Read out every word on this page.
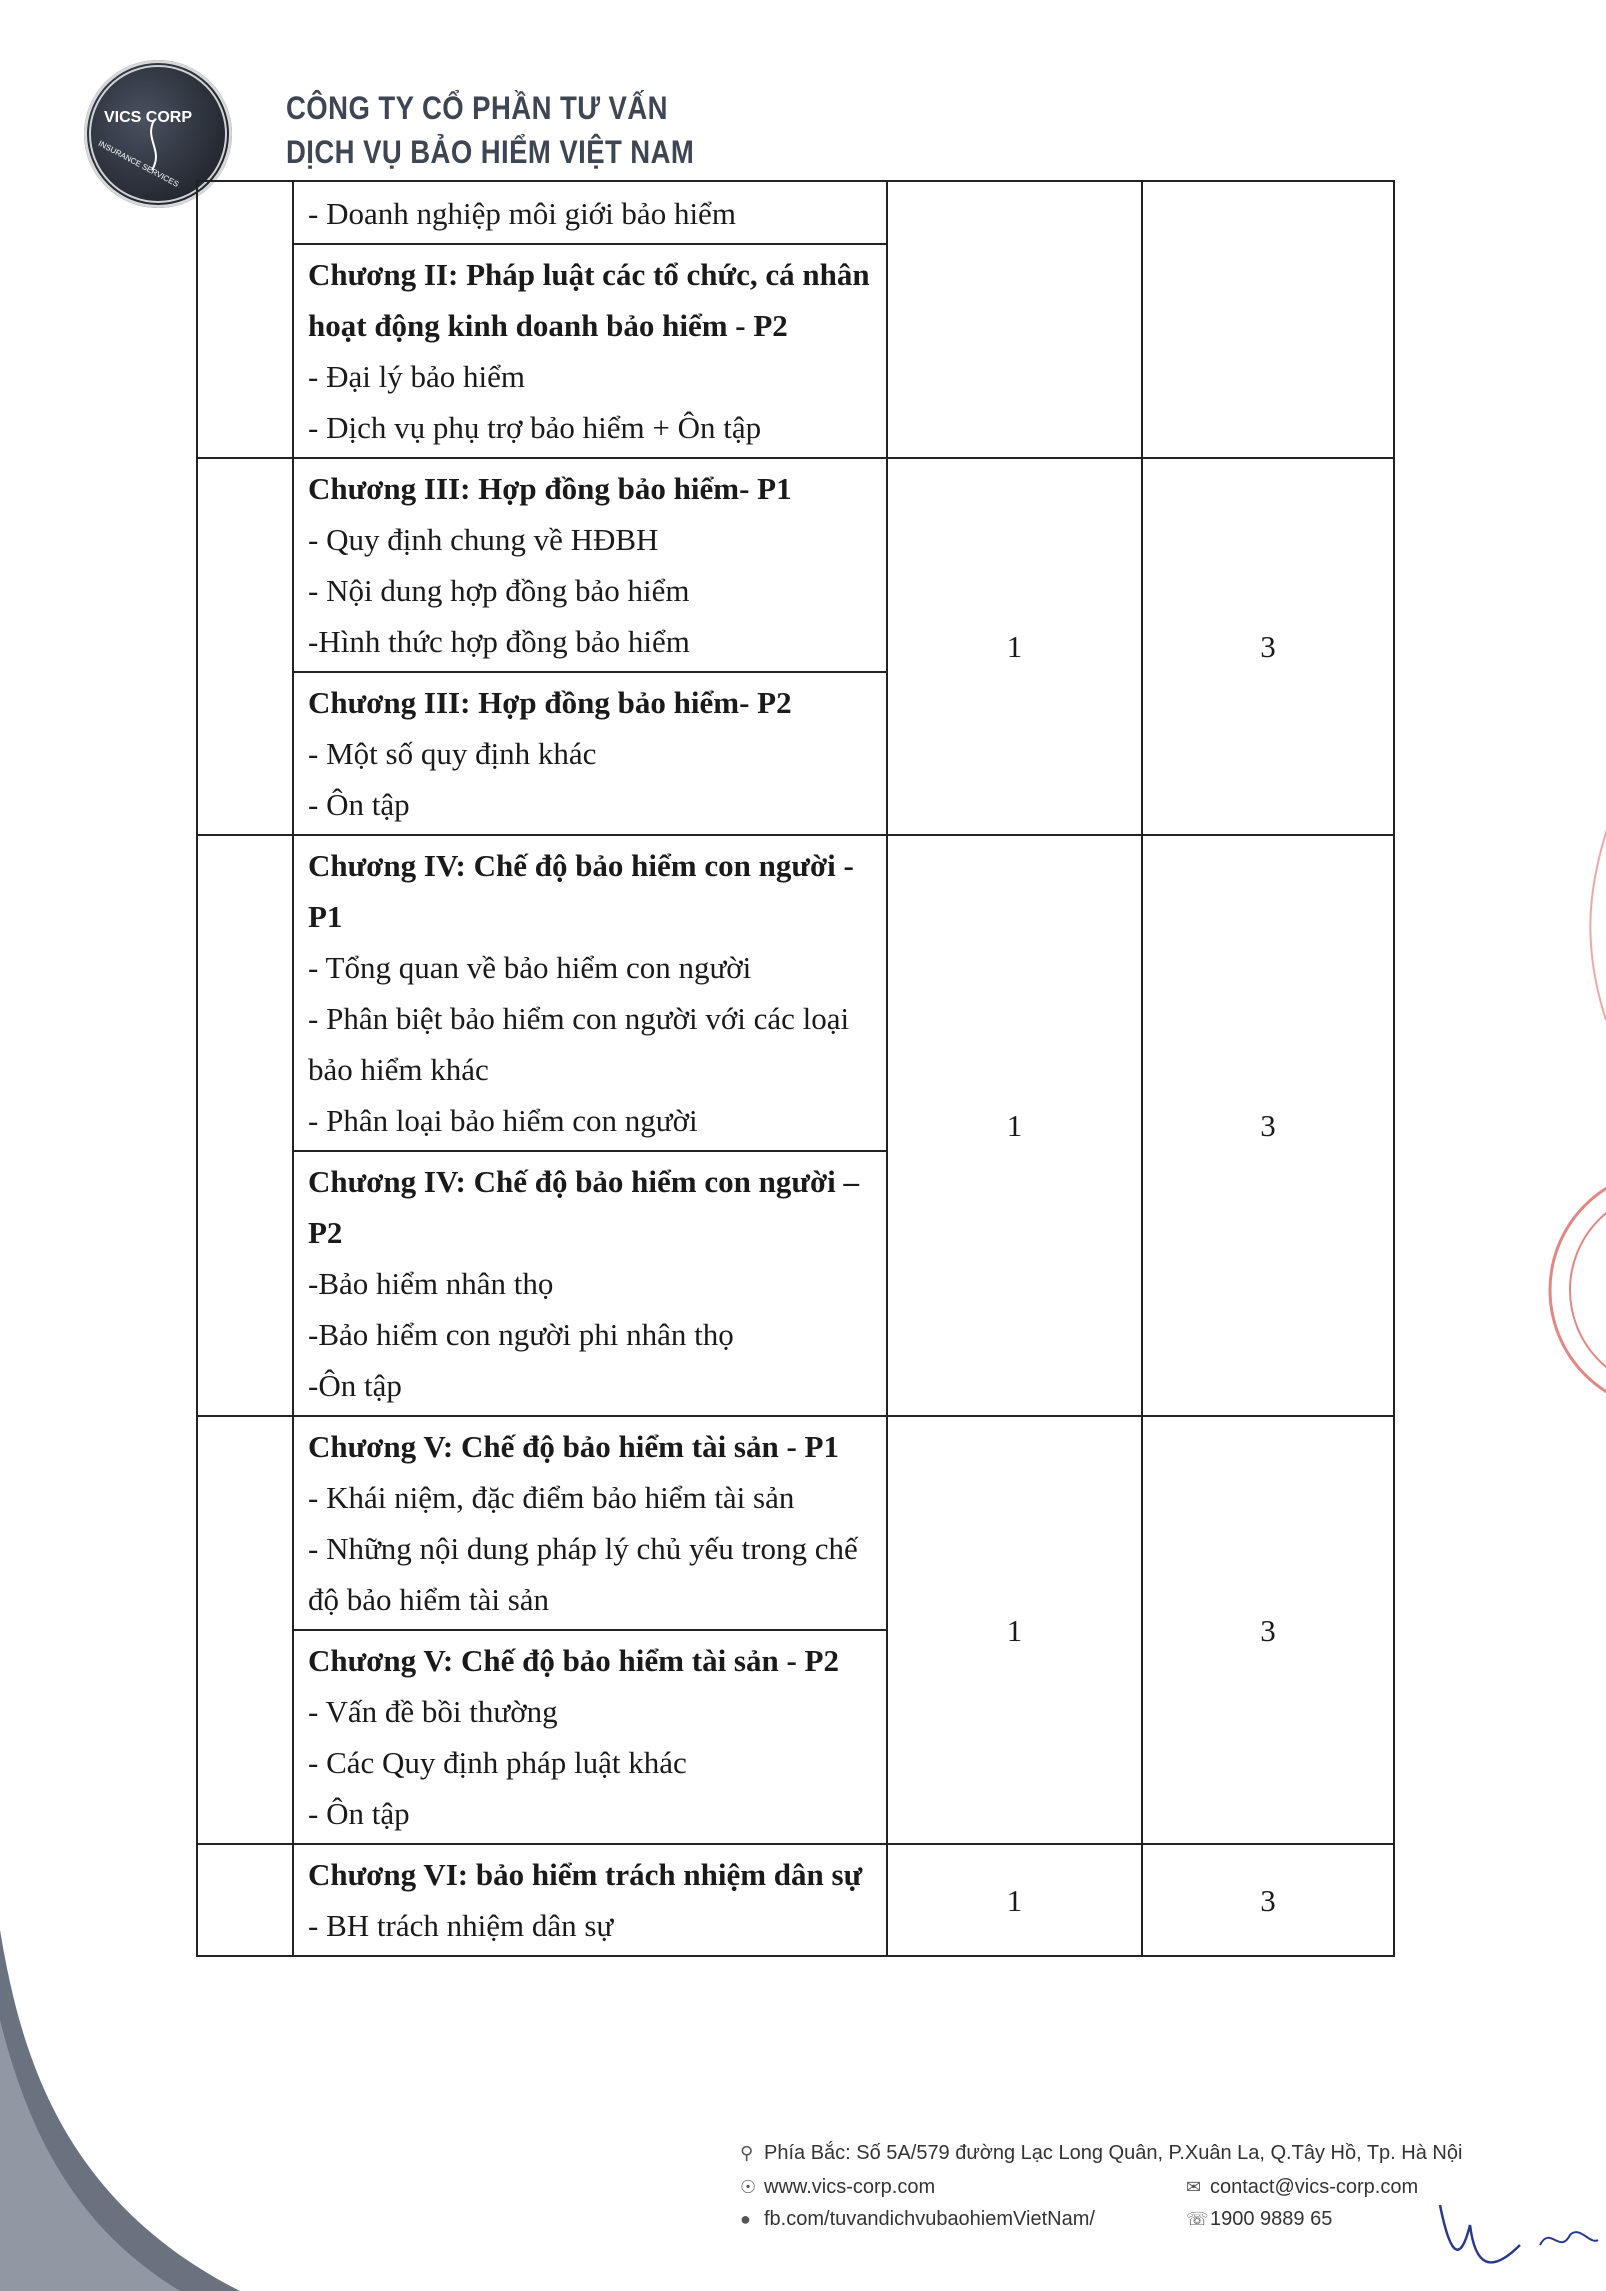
VICS CORP
INSURANCE SERVICES
CÔNG TY CỔ PHẦN TƯ VẤN
DỊCH VỤ BẢO HIỂM VIỆT NAM

	- Doanh nghiệp môi giới bảo hiểm		

	Chương II: Pháp luật các tổ chức, cá nhân hoạt động kinh doanh bảo hiểm - P2
- Đại lý bảo hiểm
- Dịch vụ phụ trợ bảo hiểm + Ôn tập		

	Chương III: Hợp đồng bảo hiểm- P1
- Quy định chung về HĐBH
- Nội dung hợp đồng bảo hiểm
-Hình thức hợp đồng bảo hiểm	1	3

	Chương III: Hợp đồng bảo hiểm- P2
- Một số quy định khác
- Ôn tập		

	Chương IV: Chế độ bảo hiểm con người - P1
- Tổng quan về bảo hiểm con người
- Phân biệt bảo hiểm con người với các loại bảo hiểm khác
- Phân loại bảo hiểm con người	1	3

	Chương IV: Chế độ bảo hiểm con người – P2
-Bảo hiểm nhân thọ
-Bảo hiểm con người phi nhân thọ
-Ôn tập		

	Chương V: Chế độ bảo hiểm tài sản - P1
- Khái niệm, đặc điểm bảo hiểm tài sản
- Những nội dung pháp lý chủ yếu trong chế độ bảo hiểm tài sản	1	3

	Chương V: Chế độ bảo hiểm tài sản - P2
- Vấn đề bồi thường
- Các Quy định pháp luật khác
- Ôn tập		

	Chương VI: bảo hiểm trách nhiệm dân sự
- BH trách nhiệm dân sự	1	3
⚲ Phía Bắc: Số 5A/579 đường Lạc Long Quân, P.Xuân La, Q.Tây Hồ, Tp. Hà Nội
☉ www.vics-corp.com	✉ contact@vics-corp.com
● fb.com/tuvandichvubaohiemVietNam/	☏1900 9889 65
